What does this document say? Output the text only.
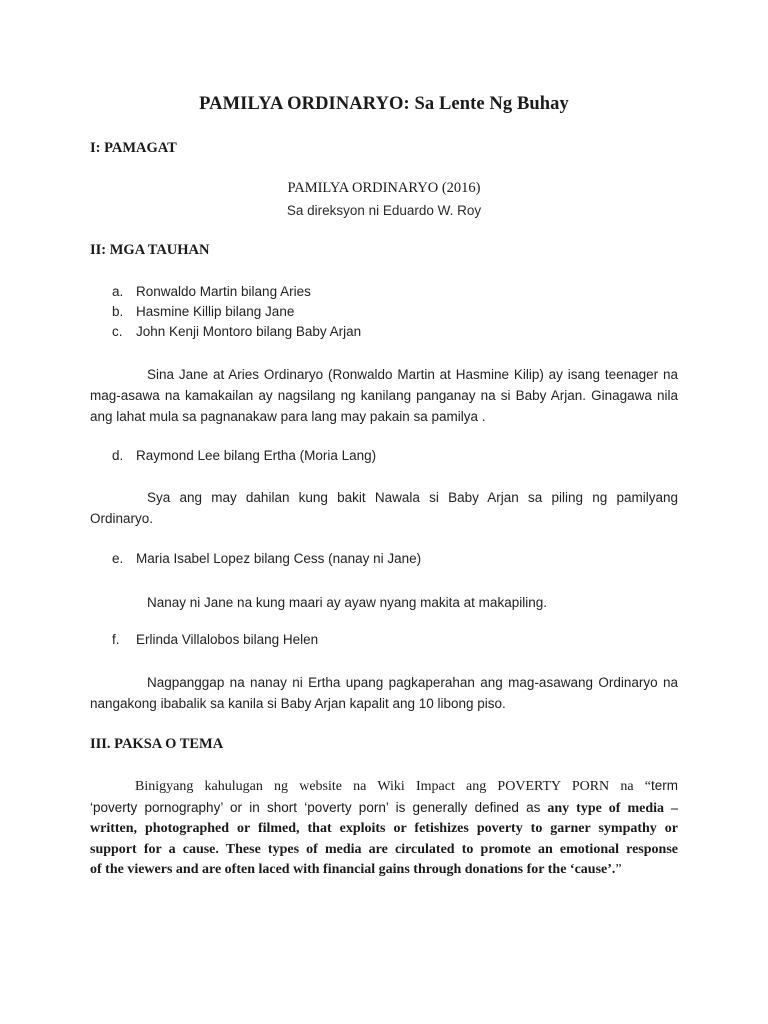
PAMILYA ORDINARYO: Sa Lente Ng Buhay
I: PAMAGAT
PAMILYA ORDINARYO (2016)
Sa direksyon ni Eduardo W. Roy
II: MGA TAUHAN
a. Ronwaldo Martin bilang Aries
b. Hasmine Killip bilang Jane
c. John Kenji Montoro bilang Baby Arjan
Sina Jane at Aries Ordinaryo (Ronwaldo Martin at Hasmine Kilip) ay isang teenager na
mag-asawa na kamakailan ay nagsilang ng kanilang panganay na si Baby Arjan. Ginagawa nila
ang lahat mula sa pagnanakaw para lang may pakain sa pamilya .
d. Raymond Lee bilang Ertha (Moria Lang)
Sya ang may dahilan kung bakit Nawala si Baby Arjan sa piling ng pamilyang
Ordinaryo.
e. Maria Isabel Lopez bilang Cess (nanay ni Jane)
Nanay ni Jane na kung maari ay ayaw nyang makita at makapiling.
f. Erlinda Villalobos bilang Helen
Nagpanggap na nanay ni Ertha upang pagkaperahan ang mag-asawang Ordinaryo na
nangakong ibabalik sa kanila si Baby Arjan kapalit ang 10 libong piso.
III. PAKSA O TEMA
Binigyang kahulugan ng website na Wiki Impact ang POVERTY PORN na “term
‘poverty pornography’ or in short ‘poverty porn’ is generally defined as any type of media –
written, photographed or filmed, that exploits or fetishizes poverty to garner sympathy or
support for a cause. These types of media are circulated to promote an emotional response
of the viewers and are often laced with financial gains through donations for the ‘cause’.”
